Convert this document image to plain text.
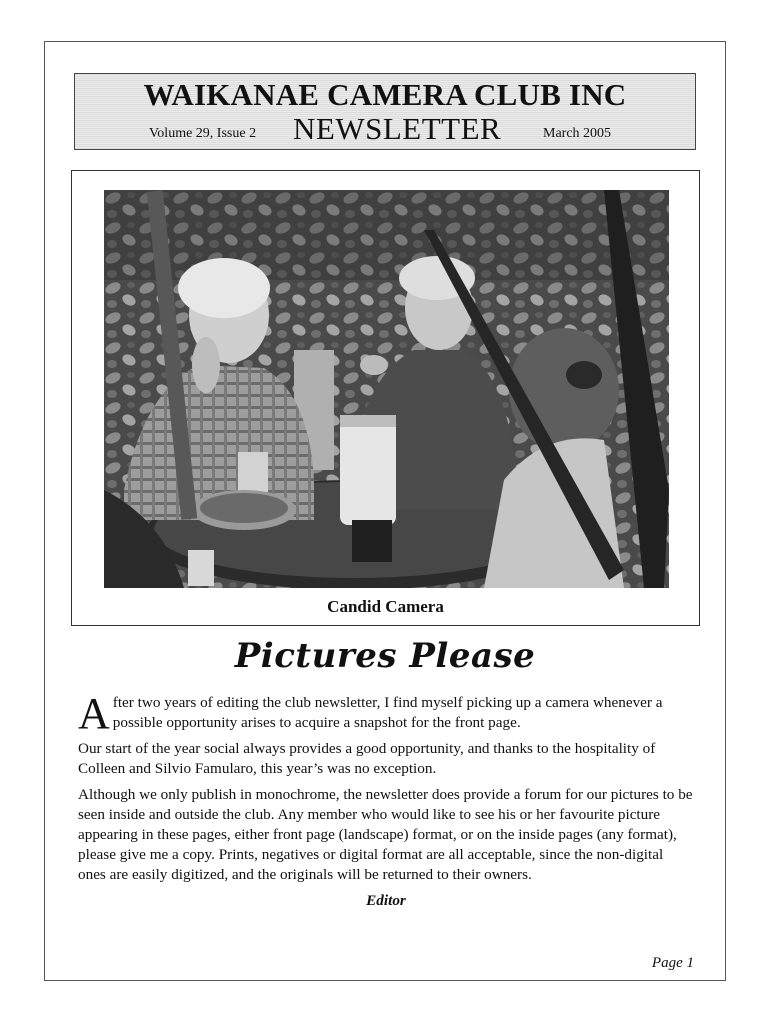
WAIKANAE CAMERA CLUB INC
Volume 29, Issue 2 NEWSLETTER	March 2005
Candid Camera
Pictures Please

After two years of editing the club newsletter, I find myself picking up a camera whenever a possible opportunity arises to acquire a snapshot for the front page.

Our start of the year social always provides a good opportunity, and thanks to the hospitality of Colleen and Silvio Famularo, this year’s was no exception.

Although we only publish in monochrome, the newsletter does provide a forum for our pictures to be seen inside and outside the club. Any member who would like to see his or her favourite picture appearing in these pages, either front page (landscape) format, or on the inside pages (any format), please give me a copy. Prints, negatives or digital format are all acceptable, since the non-digital ones are easily digitized, and the originals will be returned to their owners.

Editor
Page 1
